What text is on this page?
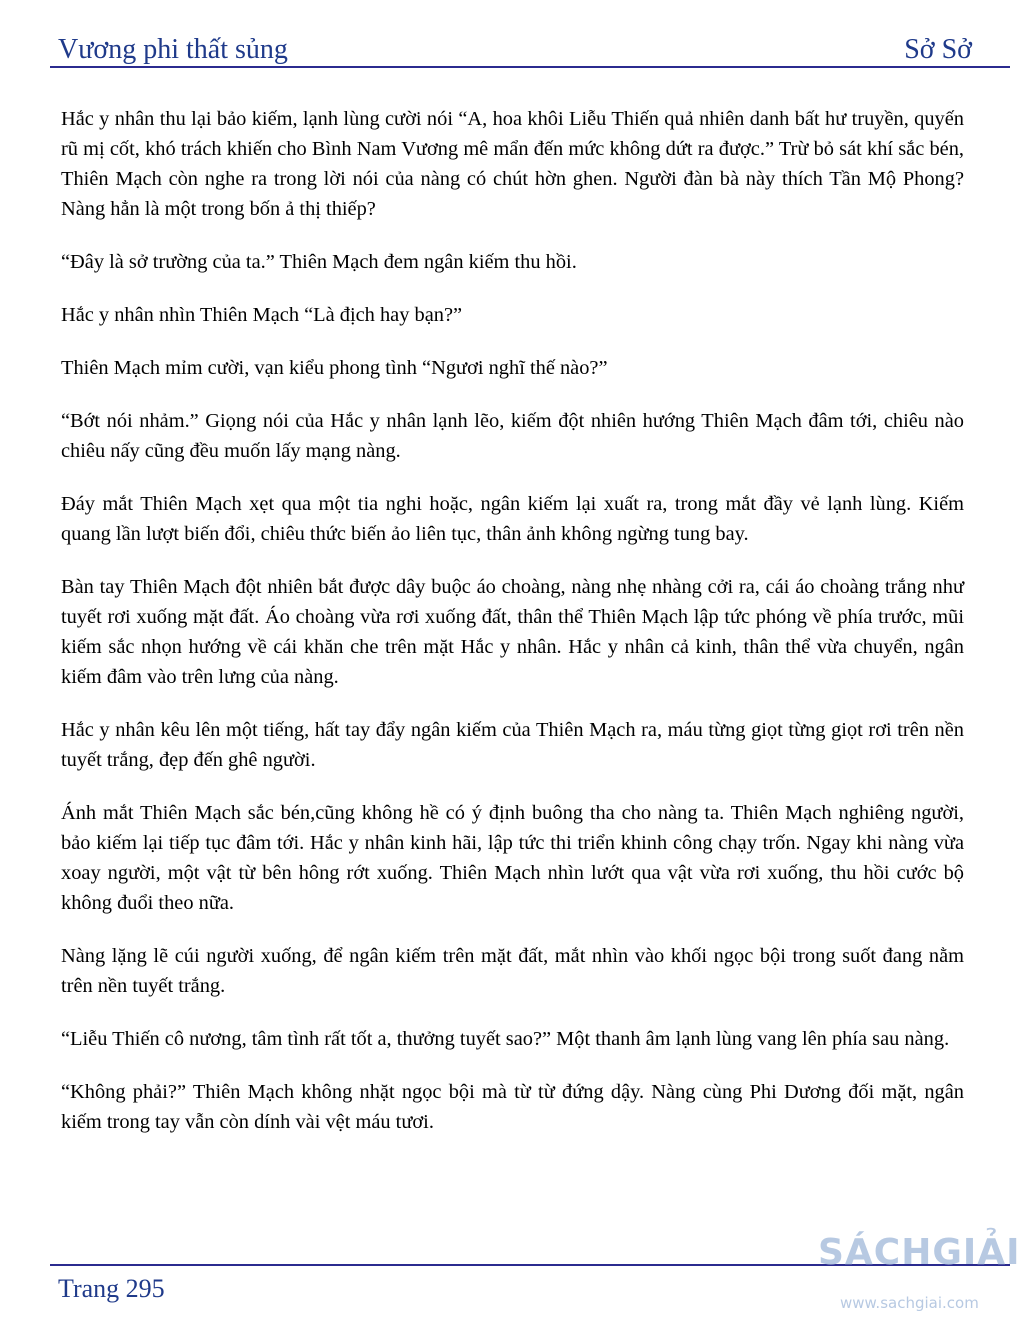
Vương phi thất sủng	Sở Sở

Hắc y nhân thu lại bảo kiếm, lạnh lùng cười nói “A, hoa khôi Liễu Thiến quả nhiên danh bất hư truyền, quyến rũ mị cốt, khó trách khiến cho Bình Nam Vương mê mẩn đến mức không dứt ra được.” Trừ bỏ sát khí sắc bén, Thiên Mạch còn nghe ra trong lời nói của nàng có chút hờn ghen. Người đàn bà này thích Tần Mộ Phong? Nàng hẳn là một trong bốn ả thị thiếp?

“Đây là sở trường của ta.” Thiên Mạch đem ngân kiếm thu hồi.

Hắc y nhân nhìn Thiên Mạch “Là địch hay bạn?”

Thiên Mạch mỉm cười, vạn kiểu phong tình “Ngươi nghĩ thế nào?”

“Bớt nói nhảm.” Giọng nói của Hắc y nhân lạnh lẽo, kiếm đột nhiên hướng Thiên Mạch đâm tới, chiêu nào chiêu nấy cũng đều muốn lấy mạng nàng.

Đáy mắt Thiên Mạch xẹt qua một tia nghi hoặc, ngân kiếm lại xuất ra, trong mắt đầy vẻ lạnh lùng. Kiếm quang lần lượt biến đổi, chiêu thức biến ảo liên tục, thân ảnh không ngừng tung bay.

Bàn tay Thiên Mạch đột nhiên bắt được dây buộc áo choàng, nàng nhẹ nhàng cởi ra, cái áo choàng trắng như tuyết rơi xuống mặt đất. Áo choàng vừa rơi xuống đất, thân thể Thiên Mạch lập tức phóng về phía trước, mũi kiếm sắc nhọn hướng về cái khăn che trên mặt Hắc y nhân. Hắc y nhân cả kinh, thân thể vừa chuyển, ngân kiếm đâm vào trên lưng của nàng.

Hắc y nhân kêu lên một tiếng, hất tay đẩy ngân kiếm của Thiên Mạch ra, máu từng giọt từng giọt rơi trên nền tuyết trắng, đẹp đến ghê người.

Ánh mắt Thiên Mạch sắc bén,cũng không hề có ý định buông tha cho nàng ta. Thiên Mạch nghiêng người, bảo kiếm lại tiếp tục đâm tới. Hắc y nhân kinh hãi, lập tức thi triển khinh công chạy trốn. Ngay khi nàng vừa xoay người, một vật từ bên hông rớt xuống. Thiên Mạch nhìn lướt qua vật vừa rơi xuống, thu hồi cước bộ không đuổi theo nữa.

Nàng lặng lẽ cúi người xuống, để ngân kiếm trên mặt đất, mắt nhìn vào khối ngọc bội trong suốt đang nằm trên nền tuyết trắng.

“Liễu Thiến cô nương, tâm tình rất tốt a, thưởng tuyết sao?” Một thanh âm lạnh lùng vang lên phía sau nàng.

“Không phải?” Thiên Mạch không nhặt ngọc bội mà từ từ đứng dậy. Nàng cùng Phi Dương đối mặt, ngân kiếm trong tay vẫn còn dính vài vệt máu tươi.

Trang 295
SÁCHGIẢI
www.sachgiai.com
